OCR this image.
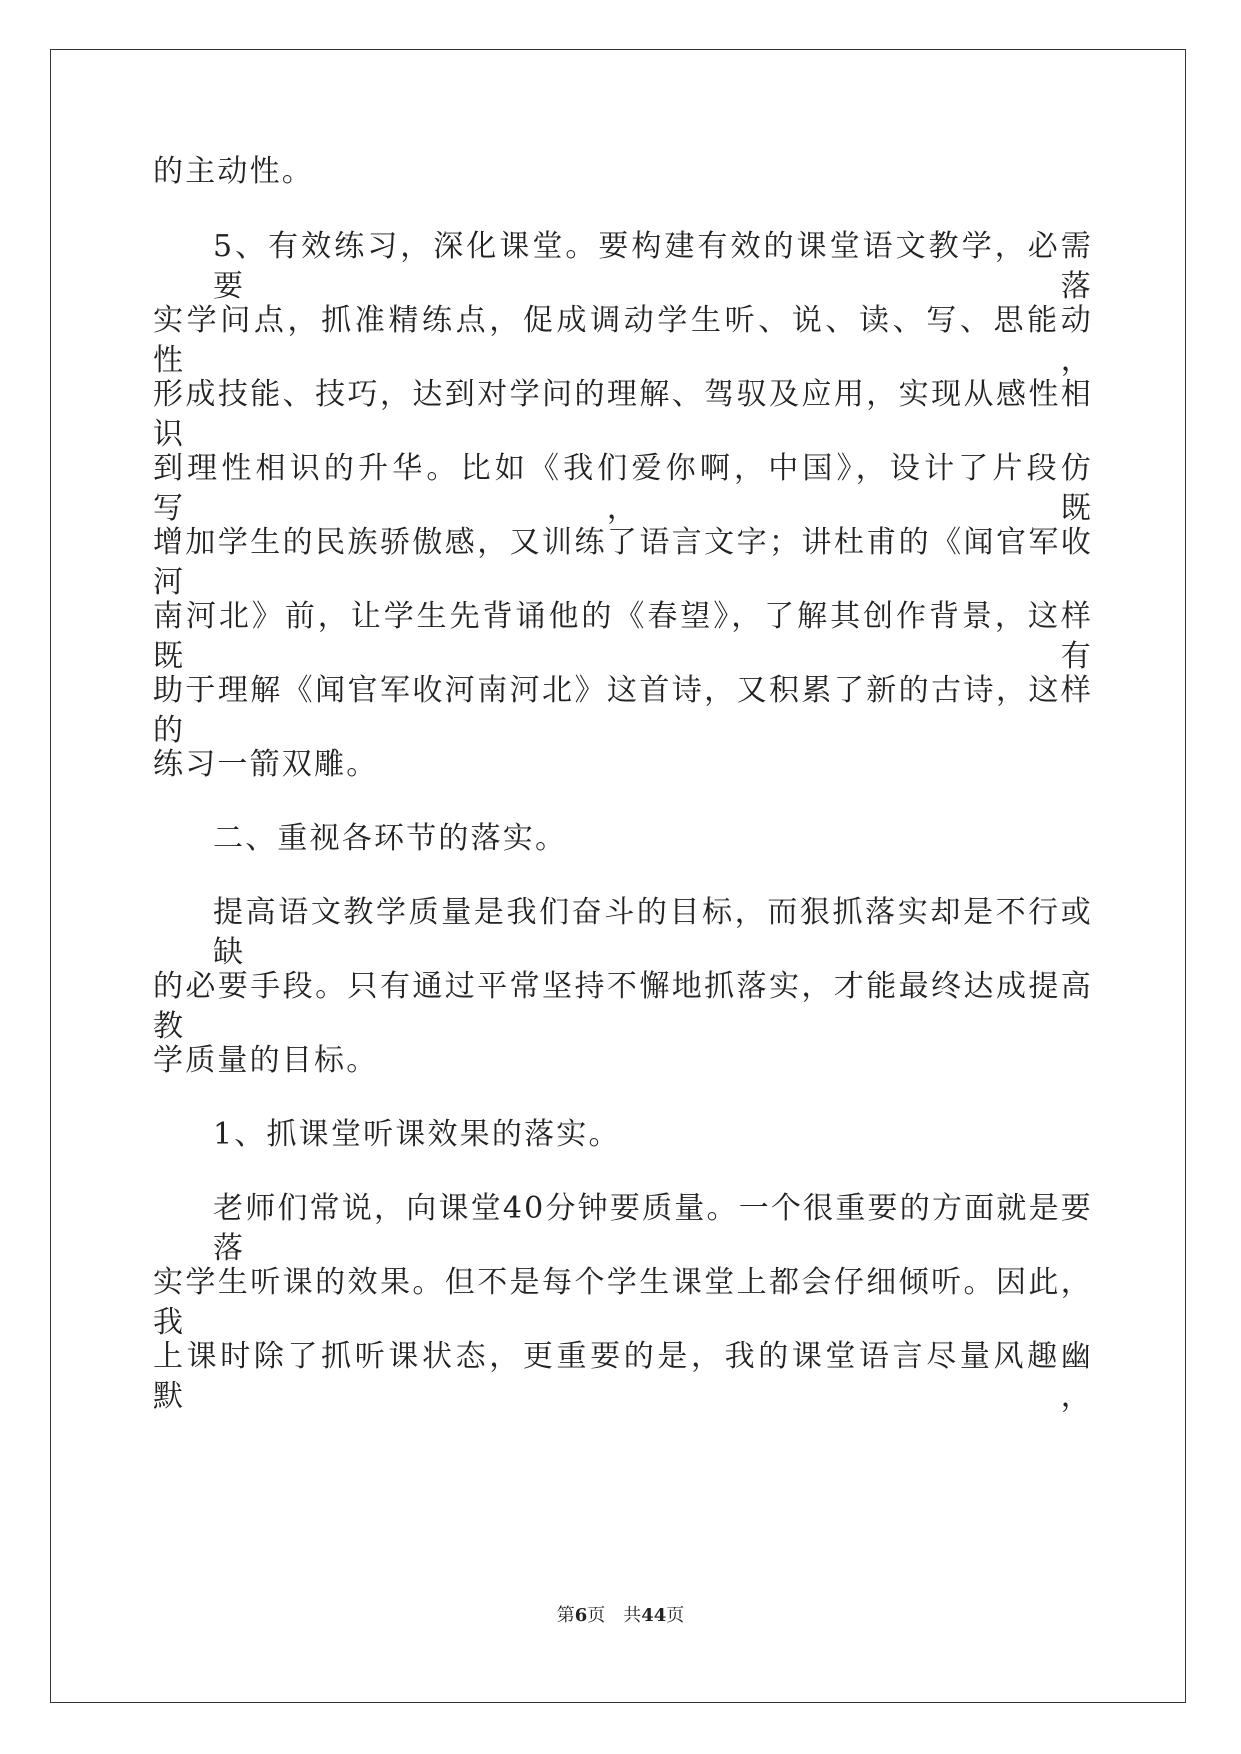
的主动性。
5、有效练习，深化课堂。要构建有效的课堂语文教学，必需要落
实学问点，抓准精练点，促成调动学生听、说、读、写、思能动性，
形成技能、技巧，达到对学问的理解、驾驭及应用，实现从感性相识
到理性相识的升华。比如《我们爱你啊，中国》，设计了片段仿写，既
增加学生的民族骄傲感，又训练了语言文字；讲杜甫的《闻官军收河
南河北》前，让学生先背诵他的《春望》，了解其创作背景，这样既有
助于理解《闻官军收河南河北》这首诗，又积累了新的古诗，这样的
练习一箭双雕。
二、重视各环节的落实。
提高语文教学质量是我们奋斗的目标，而狠抓落实却是不行或缺
的必要手段。只有通过平常坚持不懈地抓落实，才能最终达成提高教
学质量的目标。
1、抓课堂听课效果的落实。
老师们常说，向课堂40分钟要质量。一个很重要的方面就是要落
实学生听课的效果。但不是每个学生课堂上都会仔细倾听。因此，我
上课时除了抓听课状态，更重要的是，我的课堂语言尽量风趣幽默，
第6页 共44页
